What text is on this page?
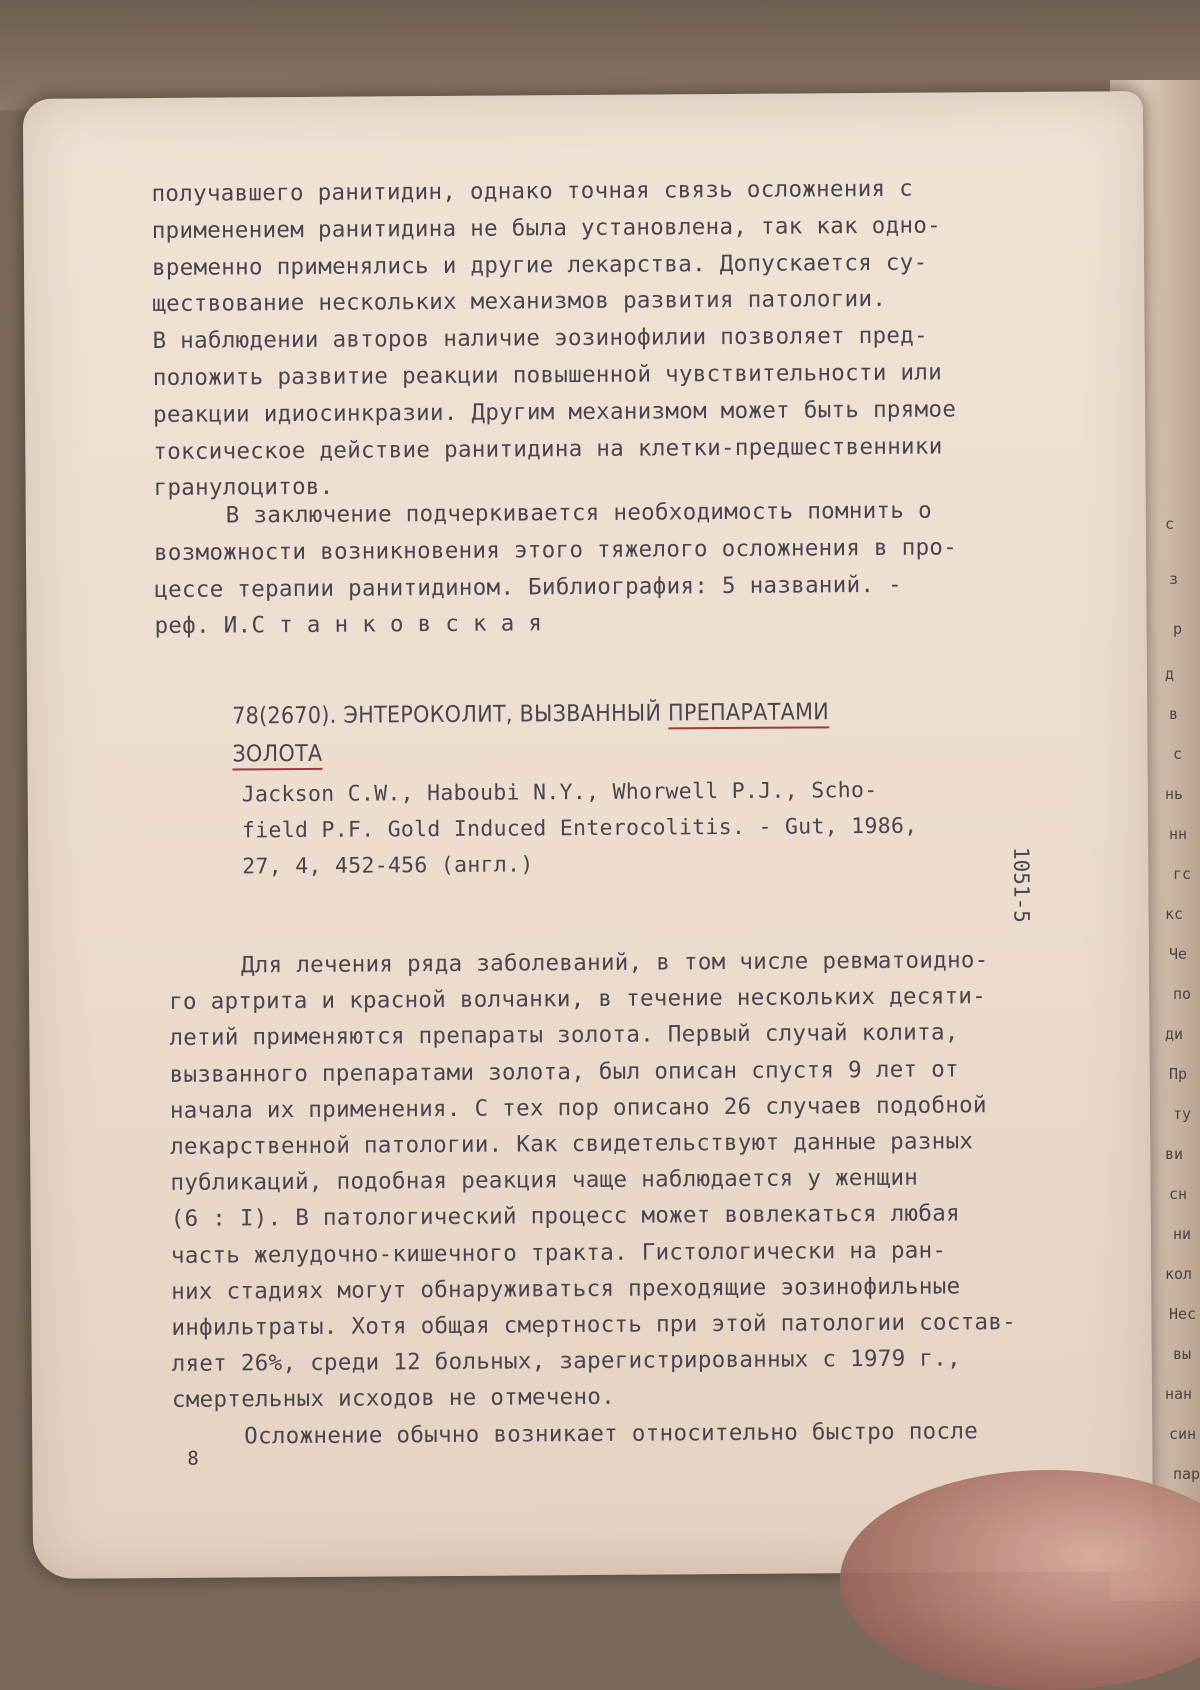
с
з
р
д
в
с
нь
нн
гс
кс
Че
по
ди
Пр
ту
ви
сн
ни
кол
Нес
вы
нан
син
пар
получавшего ранитидин, однако точная связь осложнения с
применением ранитидина не была установлена, так как одно-
временно применялись и другие лекарства. Допускается су-
ществование нескольких механизмов развития патологии.
В наблюдении авторов наличие эозинофилии позволяет пред-
положить развитие реакции повышенной чувствительности или
реакции идиосинкразии. Другим механизмом может быть прямое
токсическое действие ранитидина на клетки-предшественники
гранулоцитов.
В заключение подчеркивается необходимость помнить о
возможности возникновения этого тяжелого осложнения в про-
цессе терапии ранитидином. Библиография: 5 названий. -
реф. И.С т а н к о в с к а я
78(2670). ЭНТЕРОКОЛИТ, ВЫЗВАННЫЙ ПРЕПАРАТАМИ
ЗОЛОТА
Jackson C.W., Haboubi N.Y., Whorwell P.J., Scho-
field P.F. Gold Induced Enterocolitis. - Gut, 1986,
27, 4, 452-456 (англ.)
Для лечения ряда заболеваний, в том числе ревматоидно-
го артрита и красной волчанки, в течение нескольких десяти-
летий применяются препараты золота. Первый случай колита,
вызванного препаратами золота, был описан спустя 9 лет от
начала их применения. С тех пор описано 26 случаев подобной
лекарственной патологии. Как свидетельствуют данные разных
публикаций, подобная реакция чаще наблюдается у женщин
(6 : I). В патологический процесс может вовлекаться любая
часть желудочно-кишечного тракта. Гистологически на ран-
них стадиях могут обнаруживаться преходящие эозинофильные
инфильтраты. Хотя общая смертность при этой патологии состав-
ляет 26%, среди 12 больных, зарегистрированных с 1979 г.,
смертельных исходов не отмечено.
Осложнение обычно возникает относительно быстро после
8
1051-5
